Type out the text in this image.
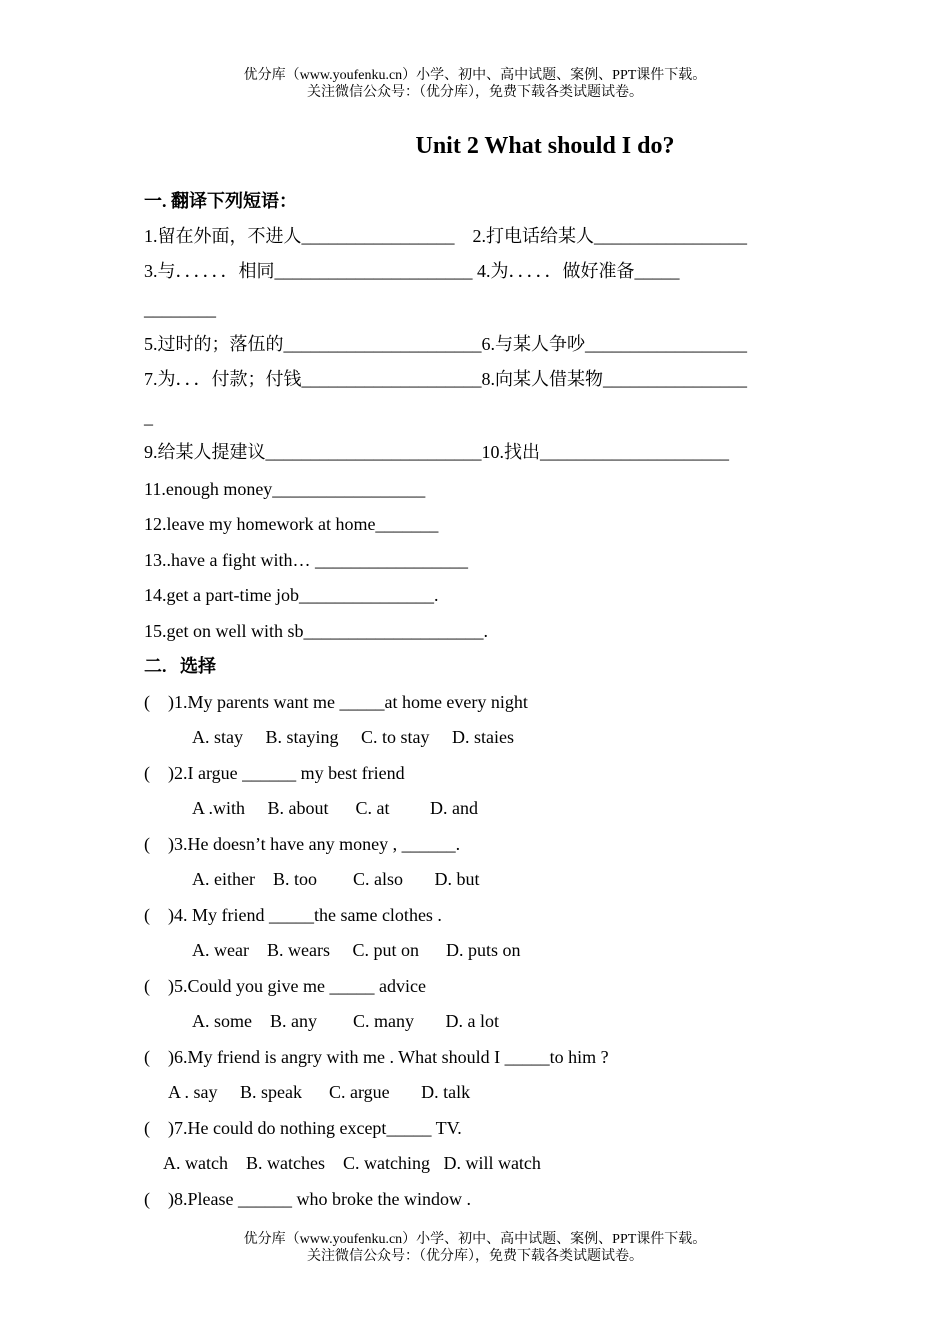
优分库（www.youfenku.cn）小学、初中、高中试题、案例、PPT课件下载。
关注微信公众号：（优分库），免费下载各类试题试卷。
Unit 2 What should I do?
一. 翻译下列短语：
1.留在外面，不进人_________________    2.打电话给某人_________________
3.与．．．．．．相同______________________ 4.为．．．．．做好准备_____
________
5.过时的；落伍的______________________6.与某人争吵__________________
7.为．．．付款；付钱____________________8.向某人借某物________________
_
9.给某人提建议________________________10.找出_____________________
11.enough money_________________
12.leave my homework at home_______
13..have a fight with… _________________
14.get a part-time job_______________.
15.get on well with sb____________________.
二.   选择
(    )1.My parents want me _____at home every night
A. stay     B. staying     C. to stay     D. staies
(    )2.I argue ______ my best friend
A .with     B. about      C. at         D. and
(    )3.He doesn’t have any money , ______.
A. either    B. too        C. also       D. but
(    )4. My friend _____the same clothes .
A. wear    B. wears     C. put on      D. puts on
(    )5.Could you give me _____ advice
A. some    B. any        C. many       D. a lot
(    )6.My friend is angry with me . What should I _____to him ?
A . say     B. speak      C. argue       D. talk
(    )7.He could do nothing except_____ TV.
A. watch    B. watches    C. watching   D. will watch
(    )8.Please ______ who broke the window .
优分库（www.youfenku.cn）小学、初中、高中试题、案例、PPT课件下载。
关注微信公众号：（优分库），免费下载各类试题试卷。
